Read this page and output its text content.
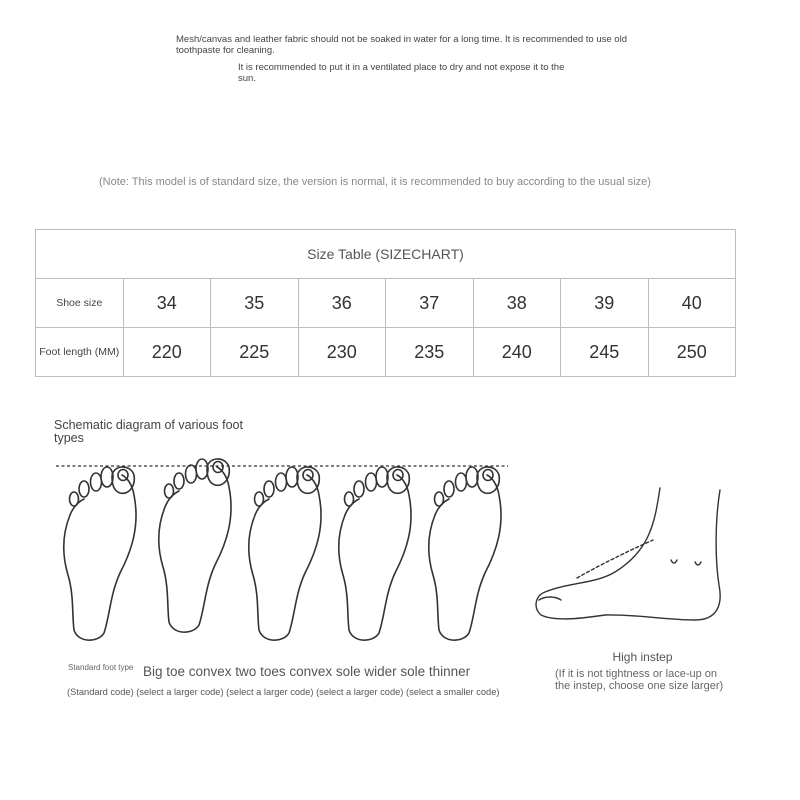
Mesh/canvas and leather fabric should not be soaked in water for a long time. It is recommended to use old toothpaste for cleaning.
It is recommended to put it in a ventilated place to dry and not expose it to the sun.
(Note: This model is of standard size, the version is normal, it is recommended to buy according to the usual size)
Size Table (SIZECHART)							
Shoe size	34	35	36	37	38	39	40
Foot length (MM)	220	225	230	235	240	245	250
Schematic diagram of various foot types
Standard foot type Big toe convex two toes convex sole wider sole thinner
(Standard code) (select a larger code) (select a larger code) (select a larger code) (select a smaller code)
High instep
(If it is not tightness or lace-up on the instep, choose one size larger)
